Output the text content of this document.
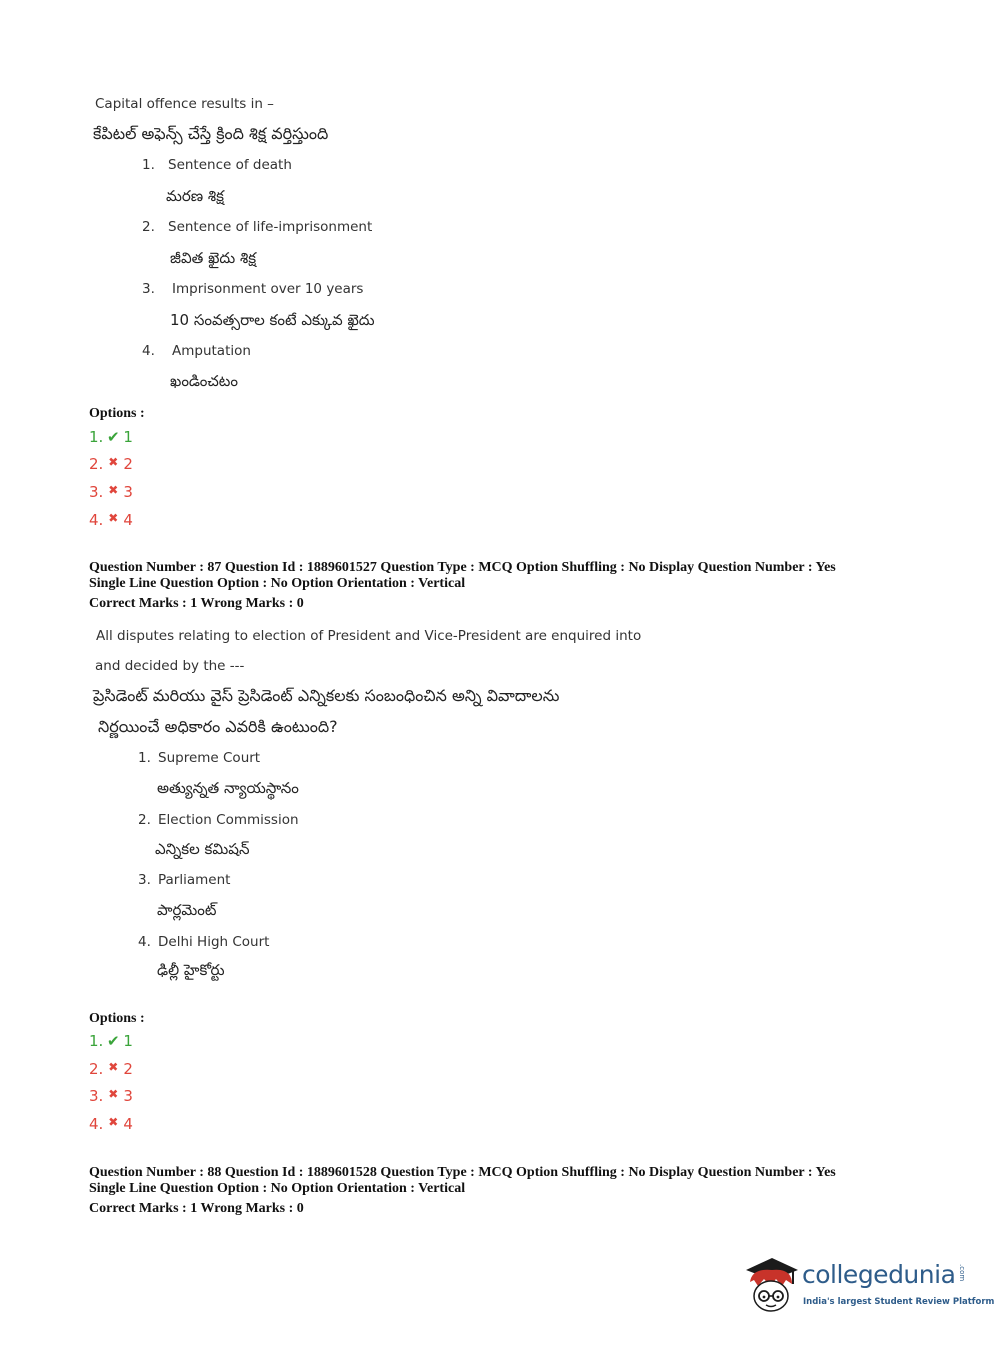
Capital offence results in –
కేపిటల్ అఫెన్స్ చేస్తే క్రింది శిక్ష వర్తిస్తుంది
1. Sentence of death
మరణ శిక్ష
2. Sentence of life-imprisonment
జీవిత ఖైదు శిక్ష
3. Imprisonment over 10 years
10 సంవత్సరాల కంటే ఎక్కువ ఖైదు
4. Amputation
ఖండించటం
Options :
1. ✔ 1
2. ✖ 2
3. ✖ 3
4. ✖ 4
Question Number : 87 Question Id : 1889601527 Question Type : MCQ Option Shuffling : No Display Question Number : Yes
Single Line Question Option : No Option Orientation : Vertical
Correct Marks : 1 Wrong Marks : 0
All disputes relating to election of President and Vice-President are enquired into
and decided by the ---
ప్రెసిడెంట్ మరియు వైస్ ప్రెసిడెంట్ ఎన్నికలకు సంబంధించిన అన్ని వివాదాలను
నిర్ణయించే అధికారం ఎవరికి ఉంటుంది?
1. Supreme Court
అత్యున్నత న్యాయస్థానం
2. Election Commission
ఎన్నికల కమిషన్
3. Parliament
పార్లమెంట్
4. Delhi High Court
ఢిల్లీ హైకోర్టు
Options :
1. ✔ 1
2. ✖ 2
3. ✖ 3
4. ✖ 4
Question Number : 88 Question Id : 1889601528 Question Type : MCQ Option Shuffling : No Display Question Number : Yes
Single Line Question Option : No Option Orientation : Vertical
Correct Marks : 1 Wrong Marks : 0
collegedunia .com
India's largest Student Review Platform
